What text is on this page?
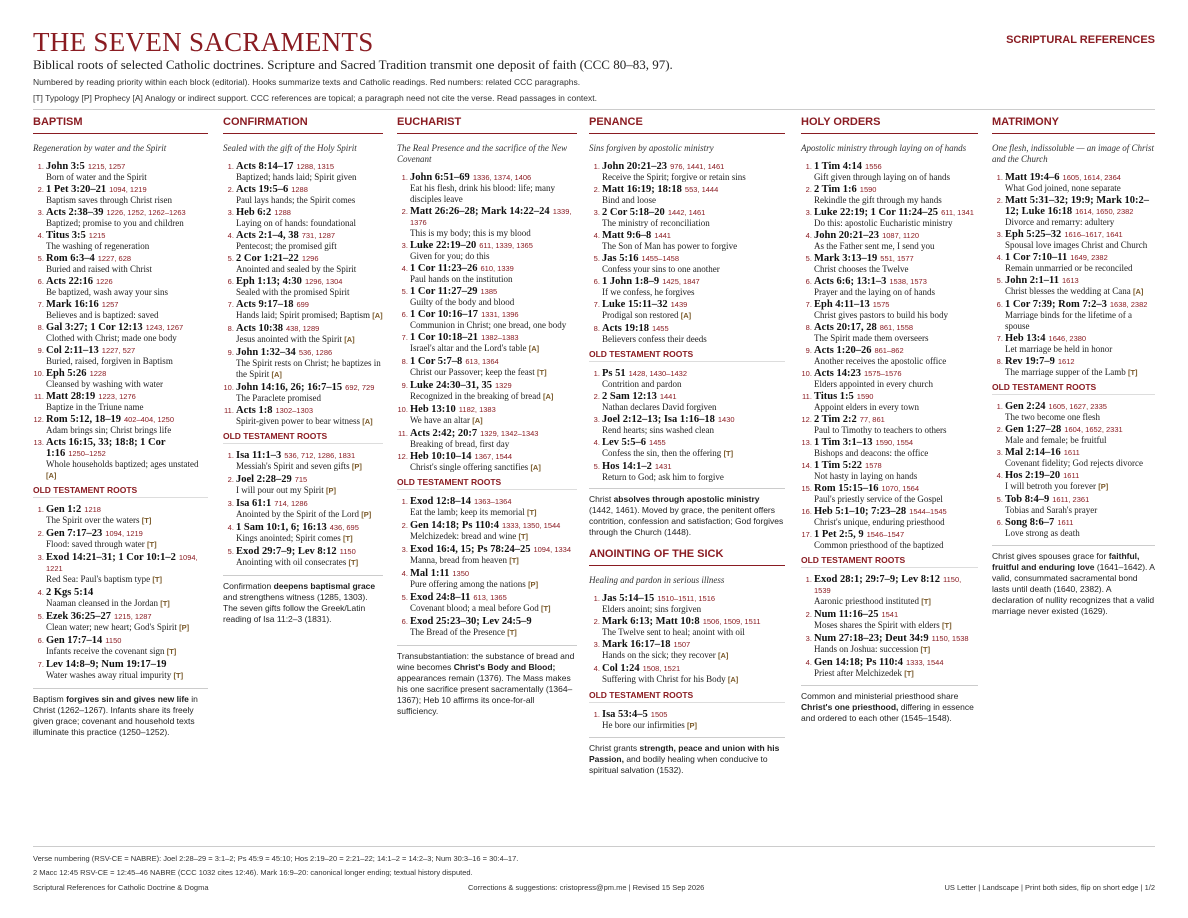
THE SEVEN SACRAMENTS	SCRIPTURAL REFERENCES
Biblical roots of selected Catholic doctrines. Scripture and Sacred Tradition transmit one deposit of faith (CCC 80–83, 97).
Numbered by reading priority within each block (editorial). Hooks summarize texts and Catholic readings. Red numbers: related CCC paragraphs.
[T] Typology [P] Prophecy [A] Analogy or indirect support. CCC references are topical; a paragraph need not cite the verse. Read passages in context.
BAPTISM
Regeneration by water and the Spirit
1. John 3:5 1215, 1257
Born of water and the Spirit
2. 1 Pet 3:20–21 1094, 1219
Baptism saves through Christ risen
3. Acts 2:38–39 1226, 1252, 1262–1263
Baptized; promise to you and children
4. Titus 3:5 1215
The washing of regeneration
5. Rom 6:3–4 1227, 628
Buried and raised with Christ
6. Acts 22:16 1226
Be baptized, wash away your sins
7. Mark 16:16 1257
Believes and is baptized: saved
8. Gal 3:27; 1 Cor 12:13 1243, 1267
Clothed with Christ; made one body
9. Col 2:11–13 1227, 527
Buried, raised, forgiven in Baptism
10. Eph 5:26 1228
Cleansed by washing with water
11. Matt 28:19 1223, 1276
Baptize in the Triune name
12. Rom 5:12, 18–19 402–404, 1250
Adam brings sin; Christ brings life
13. Acts 16:15, 33; 18:8; 1 Cor 1:16 1250–1252
Whole households baptized; ages unstated [A]
OLD TESTAMENT ROOTS
1. Gen 1:2 1218
The Spirit over the waters [T]
2. Gen 7:17–23 1094, 1219
Flood: saved through water [T]
3. Exod 14:21–31; 1 Cor 10:1–2 1094, 1221
Red Sea: Paul's baptism type [T]
4. 2 Kgs 5:14
Naaman cleansed in the Jordan [T]
5. Ezek 36:25–27 1215, 1287
Clean water; new heart; God's Spirit [P]
6. Gen 17:7–14 1150
Infants receive the covenant sign [T]
7. Lev 14:8–9; Num 19:17–19
Water washes away ritual impurity [T]
Baptism forgives sin and gives new life in Christ (1262–1267). Infants share its freely given grace; covenant and household texts illuminate this practice (1250–1252).
CONFIRMATION
Sealed with the gift of the Holy Spirit
1. Acts 8:14–17 1288, 1315
Baptized; hands laid; Spirit given
2. Acts 19:5–6 1288
Paul lays hands; the Spirit comes
3. Heb 6:2 1288
Laying on of hands: foundational
4. Acts 2:1–4, 38 731, 1287
Pentecost; the promised gift
5. 2 Cor 1:21–22 1296
Anointed and sealed by the Spirit
6. Eph 1:13; 4:30 1296, 1304
Sealed with the promised Spirit
7. Acts 9:17–18 699
Hands laid; Spirit promised; Baptism [A]
8. Acts 10:38 438, 1289
Jesus anointed with the Spirit [A]
9. John 1:32–34 536, 1286
The Spirit rests on Christ; he baptizes in the Spirit [A]
10. John 14:16, 26; 16:7–15 692, 729
The Paraclete promised
11. Acts 1:8 1302–1303
Spirit-given power to bear witness [A]
OLD TESTAMENT ROOTS
1. Isa 11:1–3 536, 712, 1286, 1831
Messiah's Spirit and seven gifts [P]
2. Joel 2:28–29 715
I will pour out my Spirit [P]
3. Isa 61:1 714, 1286
Anointed by the Spirit of the Lord [P]
4. 1 Sam 10:1, 6; 16:13 436, 695
Kings anointed; Spirit comes [T]
5. Exod 29:7–9; Lev 8:12 1150
Anointing with oil consecrates [T]
Confirmation deepens baptismal grace and strengthens witness (1285, 1303). The seven gifts follow the Greek/Latin reading of Isa 11:2–3 (1831).
EUCHARIST
The Real Presence and the sacrifice of the New Covenant
1. John 6:51–69 1336, 1374, 1406
Eat his flesh, drink his blood: life; many disciples leave
2. Matt 26:26–28; Mark 14:22–24 1339, 1376
This is my body; this is my blood
3. Luke 22:19–20 611, 1339, 1365
Given for you; do this
4. 1 Cor 11:23–26 610, 1339
Paul hands on the institution
5. 1 Cor 11:27–29 1385
Guilty of the body and blood
6. 1 Cor 10:16–17 1331, 1396
Communion in Christ; one bread, one body
7. 1 Cor 10:18–21 1382–1383
Israel's altar and the Lord's table [A]
8. 1 Cor 5:7–8 613, 1364
Christ our Passover; keep the feast [T]
9. Luke 24:30–31, 35 1329
Recognized in the breaking of bread [A]
10. Heb 13:10 1182, 1383
We have an altar [A]
11. Acts 2:42; 20:7 1329, 1342–1343
Breaking of bread, first day
12. Heb 10:10–14 1367, 1544
Christ's single offering sanctifies [A]
OLD TESTAMENT ROOTS
1. Exod 12:8–14 1363–1364
Eat the lamb; keep its memorial [T]
2. Gen 14:18; Ps 110:4 1333, 1350, 1544
Melchizedek: bread and wine [T]
3. Exod 16:4, 15; Ps 78:24–25 1094, 1334
Manna, bread from heaven [T]
4. Mal 1:11 1350
Pure offering among the nations [P]
5. Exod 24:8–11 613, 1365
Covenant blood; a meal before God [T]
6. Exod 25:23–30; Lev 24:5–9
The Bread of the Presence [T]
Transubstantiation: the substance of bread and wine becomes Christ's Body and Blood; appearances remain (1376). The Mass makes his one sacrifice present sacramentally (1364–1367); Heb 10 affirms its once-for-all sufficiency.
PENANCE
Sins forgiven by apostolic ministry
1. John 20:21–23 976, 1441, 1461
Receive the Spirit; forgive or retain sins
2. Matt 16:19; 18:18 553, 1444
Bind and loose
3. 2 Cor 5:18–20 1442, 1461
The ministry of reconciliation
4. Matt 9:6–8 1441
The Son of Man has power to forgive
5. Jas 5:16 1455–1458
Confess your sins to one another
6. 1 John 1:8–9 1425, 1847
If we confess, he forgives
7. Luke 15:11–32 1439
Prodigal son restored [A]
8. Acts 19:18 1455
Believers confess their deeds
OLD TESTAMENT ROOTS
1. Ps 51 1428, 1430–1432
Contrition and pardon
2. 2 Sam 12:13 1441
Nathan declares David forgiven
3. Joel 2:12–13; Isa 1:16–18 1430
Rend hearts; sins washed clean
4. Lev 5:5–6 1455
Confess the sin, then the offering [T]
5. Hos 14:1–2 1431
Return to God; ask him to forgive
Christ absolves through apostolic ministry (1442, 1461). Moved by grace, the penitent offers contrition, confession and satisfaction; God forgives through the Church (1448).
ANOINTING OF THE SICK
Healing and pardon in serious illness
1. Jas 5:14–15 1510–1511, 1516
Elders anoint; sins forgiven
2. Mark 6:13; Matt 10:8 1506, 1509, 1511
The Twelve sent to heal; anoint with oil
3. Mark 16:17–18 1507
Hands on the sick; they recover [A]
4. Col 1:24 1508, 1521
Suffering with Christ for his Body [A]
OLD TESTAMENT ROOTS
1. Isa 53:4–5 1505
He bore our infirmities [P]
Christ grants strength, peace and union with his Passion, and bodily healing when conducive to spiritual salvation (1532).
HOLY ORDERS
Apostolic ministry through laying on of hands
1. 1 Tim 4:14 1556
Gift given through laying on of hands
2. 2 Tim 1:6 1590
Rekindle the gift through my hands
3. Luke 22:19; 1 Cor 11:24–25 611, 1341
Do this: apostolic Eucharistic ministry
4. John 20:21–23 1087, 1120
As the Father sent me, I send you
5. Mark 3:13–19 551, 1577
Christ chooses the Twelve
6. Acts 6:6; 13:1–3 1538, 1573
Prayer and the laying on of hands
7. Eph 4:11–13 1575
Christ gives pastors to build his body
8. Acts 20:17, 28 861, 1558
The Spirit made them overseers
9. Acts 1:20–26 861–862
Another receives the apostolic office
10. Acts 14:23 1575–1576
Elders appointed in every church
11. Titus 1:5 1590
Appoint elders in every town
12. 2 Tim 2:2 77, 861
Paul to Timothy to teachers to others
13. 1 Tim 3:1–13 1590, 1554
Bishops and deacons: the office
14. 1 Tim 5:22 1578
Not hasty in laying on hands
15. Rom 15:15–16 1070, 1564
Paul's priestly service of the Gospel
16. Heb 5:1–10; 7:23–28 1544–1545
Christ's unique, enduring priesthood
17. 1 Pet 2:5, 9 1546–1547
Common priesthood of the baptized
OLD TESTAMENT ROOTS
1. Exod 28:1; 29:7–9; Lev 8:12 1150, 1539
Aaronic priesthood instituted [T]
2. Num 11:16–25 1541
Moses shares the Spirit with elders [T]
3. Num 27:18–23; Deut 34:9 1150, 1538
Hands on Joshua: succession [T]
4. Gen 14:18; Ps 110:4 1333, 1544
Priest after Melchizedek [T]
Common and ministerial priesthood share Christ's one priesthood, differing in essence and ordered to each other (1545–1548).
MATRIMONY
One flesh, indissoluble — an image of Christ and the Church
1. Matt 19:4–6 1605, 1614, 2364
What God joined, none separate
2. Matt 5:31–32; 19:9; Mark 10:2–12; Luke 16:18 1614, 1650, 2382
Divorce and remarry: adultery
3. Eph 5:25–32 1616–1617, 1641
Spousal love images Christ and Church
4. 1 Cor 7:10–11 1649, 2382
Remain unmarried or be reconciled
5. John 2:1–11 1613
Christ blesses the wedding at Cana [A]
6. 1 Cor 7:39; Rom 7:2–3 1638, 2382
Marriage binds for the lifetime of a spouse
7. Heb 13:4 1646, 2380
Let marriage be held in honor
8. Rev 19:7–9 1612
The marriage supper of the Lamb [T]
OLD TESTAMENT ROOTS
1. Gen 2:24 1605, 1627, 2335
The two become one flesh
2. Gen 1:27–28 1604, 1652, 2331
Male and female; be fruitful
3. Mal 2:14–16 1611
Covenant fidelity; God rejects divorce
4. Hos 2:19–20 1611
I will betroth you forever [P]
5. Tob 8:4–9 1611, 2361
Tobias and Sarah's prayer
6. Song 8:6–7 1611
Love strong as death
Christ gives spouses grace for faithful, fruitful and enduring love (1641–1642). A valid, consummated sacramental bond lasts until death (1640, 2382). A declaration of nullity recognizes that a valid marriage never existed (1629).
Verse numbering (RSV-CE = NABRE): Joel 2:28–29 = 3:1–2; Ps 45:9 = 45:10; Hos 2:19–20 = 2:21–22; 14:1–2 = 14:2–3; Num 30:3–16 = 30:4–17.
2 Macc 12:45 RSV-CE = 12:45–46 NABRE (CCC 1032 cites 12:46). Mark 16:9–20: canonical longer ending; textual history disputed.
Scriptural References for Catholic Doctrine & Dogma	Corrections & suggestions: cristopress@pm.me | Revised 15 Sep 2026	US Letter | Landscape | Print both sides, flip on short edge | 1/2
